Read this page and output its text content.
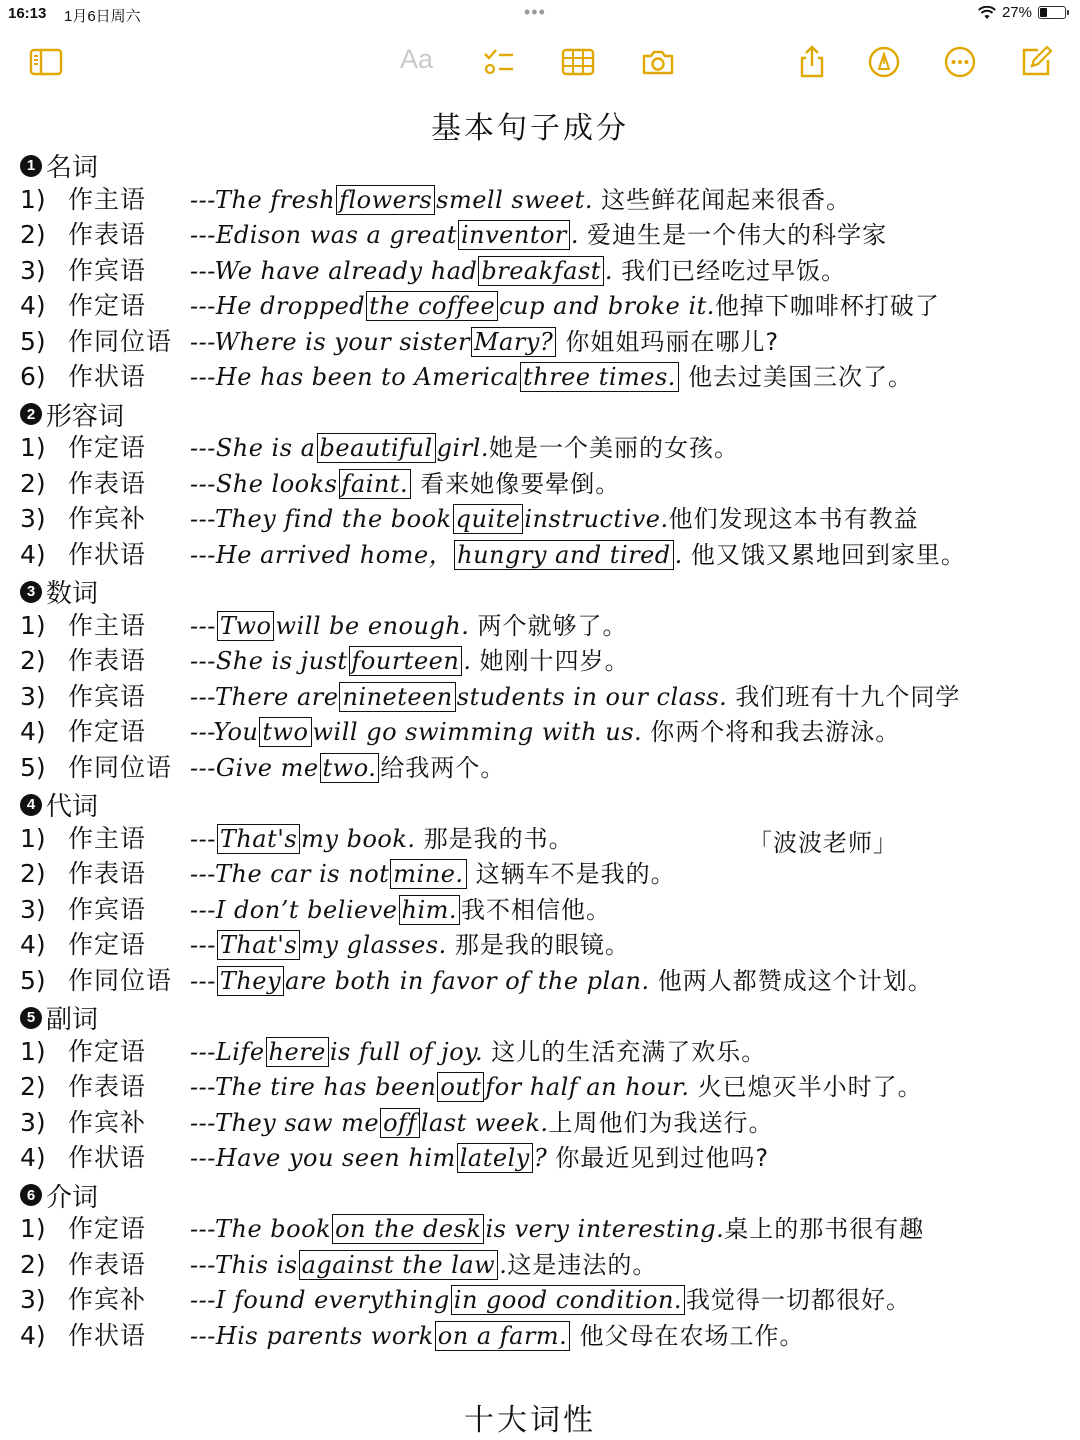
16:13 1月6日周六	•••	27%
Aa
基本句子成分
1 名词
1) 作主语 ---The fresh flowers smell sweet. 这些鲜花闻起来很香。
2) 作表语 ---Edison was a great inventor . 爱迪生是一个伟大的科学家
3) 作宾语 ---We have already had breakfast . 我们已经吃过早饭。
4) 作定语 ---He dropped the coffee cup and broke it.他掉下咖啡杯打破了
5) 作同位语 ---Where is your sister Mary? 你姐姐玛丽在哪儿?
6) 作状语 ---He has been to America three times. 他去过美国三次了。
2 形容词
1) 作定语 ---She is a beautiful girl.她是一个美丽的女孩。
2) 作表语 ---She looks faint. 看来她像要晕倒。
3) 作宾补 ---They find the book quite instructive.他们发现这本书有教益
4) 作状语 ---He arrived home， hungry and tired . 他又饿又累地回到家里。
3 数词
1) 作主语 --- Two will be enough. 两个就够了。
2) 作表语 ---She is just fourteen . 她刚十四岁。
3) 作宾语 ---There are nineteen students in our class. 我们班有十九个同学
4) 作定语 ---You two will go swimming with us. 你两个将和我去游泳。
5) 作同位语 ---Give me two. 给我两个。
4 代词
1) 作主语 --- That's my book. 那是我的书。
2) 作表语 ---The car is not mine. 这辆车不是我的。
3) 作宾语 ---I don’t believe him. 我不相信他。
4) 作定语 --- That's my glasses. 那是我的眼镜。
5) 作同位语 --- They are both in favor of the plan. 他两人都赞成这个计划。
5 副词
1) 作定语 ---Life here is full of joy. 这儿的生活充满了欢乐。
2) 作表语 ---The tire has been out for half an hour. 火已熄灭半小时了。
3) 作宾补 ---They saw me off last week.上周他们为我送行。
4) 作状语 ---Have you seen him lately ? 你最近见到过他吗?
6 介词
1) 作定语 ---The book on the desk is very interesting.桌上的那书很有趣
2) 作表语 ---This is against the law .这是违法的。
3) 作宾补 ---I found everything in good condition. 我觉得一切都很好。
4) 作状语 ---His parents work on a farm. 他父母在农场工作。
「波波老师」
十大词性
